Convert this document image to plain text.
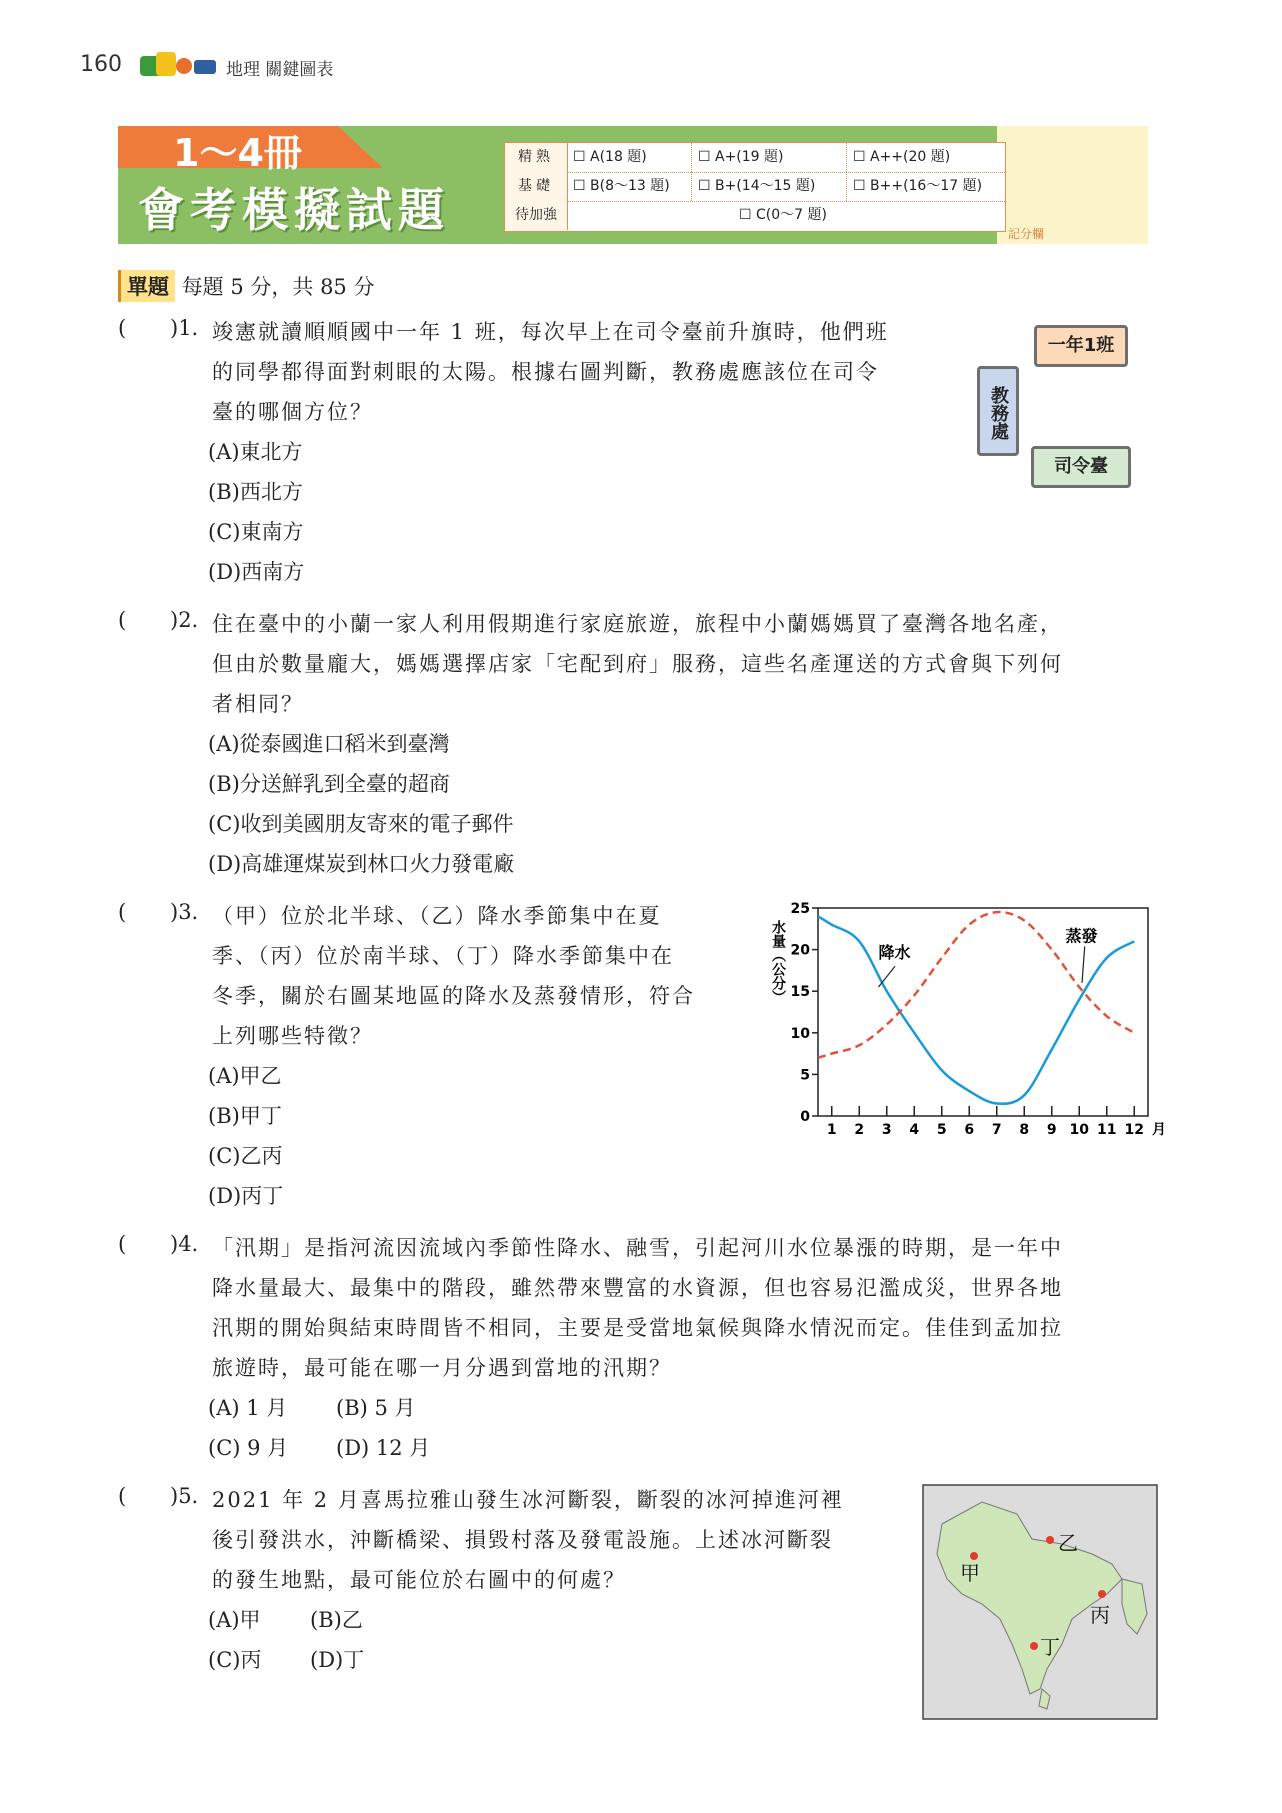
160	地理 關鍵圖表
1～4冊
會考模擬試題
精熟	☐ A(18 題)	☐ A+(19 題)	☐ A++(20 題)
基礎	☐ B(8～13 題)	☐ B+(14～15 題)	☐ B++(16～17 題)
待加強	☐ C(0～7 題)
記分欄
單題 每題 5 分，共 85 分
( )1. 竣憲就讀順順國中一年 1 班，每次早上在司令臺前升旗時，他們班
的同學都得面對刺眼的太陽。根據右圖判斷，教務處應該位在司令
臺的哪個方位？
(A)東北方
(B)西北方
(C)東南方
(D)西南方
一年1班
教務處
司令臺
( )2. 住在臺中的小蘭一家人利用假期進行家庭旅遊，旅程中小蘭媽媽買了臺灣各地名產，
但由於數量龐大，媽媽選擇店家「宅配到府」服務，這些名產運送的方式會與下列何
者相同？
(A)從泰國進口稻米到臺灣
(B)分送鮮乳到全臺的超商
(C)收到美國朋友寄來的電子郵件
(D)高雄運煤炭到林口火力發電廠
( )3. （甲）位於北半球、（乙）降水季節集中在夏
季、（丙）位於南半球、（丁）降水季節集中在
冬季，關於右圖某地區的降水及蒸發情形，符合
上列哪些特徵？
(A)甲乙
(B)甲丁
(C)乙丙
(D)丙丁
水量（公分）	降水
蒸發
0
5
10
15
20
25
1 2 3 4 5 6 7 8 9 10 11 12 月
( )4. 「汛期」是指河流因流域內季節性降水、融雪，引起河川水位暴漲的時期，是一年中
降水量最大、最集中的階段，雖然帶來豐富的水資源，但也容易氾濫成災，世界各地
汛期的開始與結束時間皆不相同，主要是受當地氣候與降水情況而定。佳佳到孟加拉
旅遊時，最可能在哪一月分遇到當地的汛期？
(A) 1 月 (B) 5 月
(C) 9 月 (D) 12 月
( )5. 2021 年 2 月喜馬拉雅山發生冰河斷裂，斷裂的冰河掉進河裡
後引發洪水，沖斷橋梁、損毀村落及發電設施。上述冰河斷裂
的發生地點，最可能位於右圖中的何處？
(A)甲 (B)乙
(C)丙 (D)丁
甲
乙
丙
丁
